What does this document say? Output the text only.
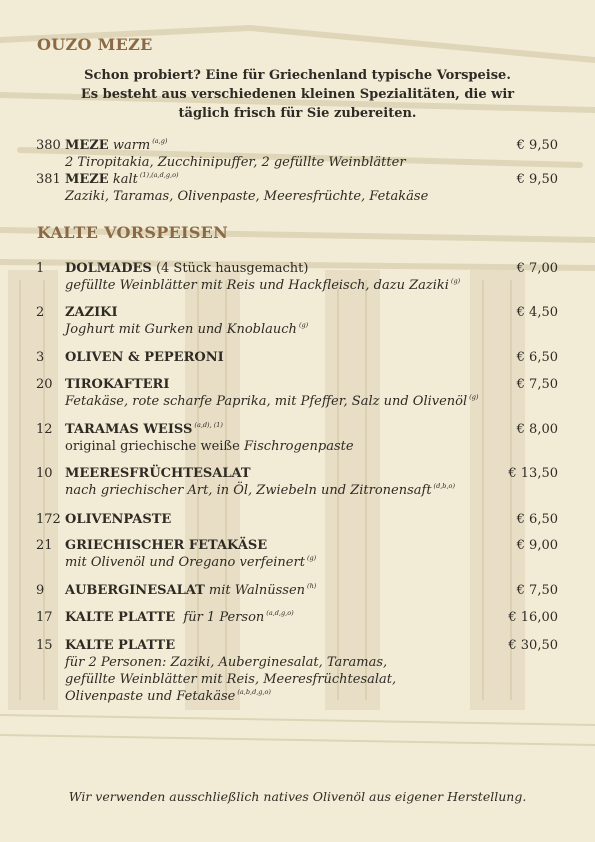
OUZO MEZE
Schon probiert? Eine für Griechenland typische Vorspeise.
Es besteht aus verschiedenen kleinen Spezialitäten, die wir
täglich frisch für Sie zubereiten.
380 MEZE warm $^{(a,g)}$	€ 9,50
2 Tiropitakia, Zucchinipuffer, 2 gefüllte Weinblätter
381 MEZE kalt $^{(1),(a,d,g,o)}$	€ 9,50
Zaziki, Taramas, Olivenpaste, Meeresfrüchte, Fetakäse
KALTE VORSPEISEN
1 DOLMADES (4 Stück hausgemacht)	€ 7,00
gefüllte Weinblätter mit Reis und Hackfleisch, dazu Zaziki $^{(g)}$
2 ZAZIKI	€ 4,50
Joghurt mit Gurken und Knoblauch $^{(g)}$
3 OLIVEN & PEPERONI	€ 6,50
20 TIROKAFTERI	€ 7,50
Fetakäse, rote scharfe Paprika, mit Pfeffer, Salz und Olivenöl $^{(g)}$
12 TARAMAS WEISS $^{(a,d), (1)}$	€ 8,00
original griechische weiße Fischrogenpaste
10 MEERESFRÜCHTESALAT	€ 13,50
nach griechischer Art, in Öl, Zwiebeln und Zitronensaft $^{(d,b,o)}$
172 OLIVENPASTE	€ 6,50
21 GRIECHISCHER FETAKÄSE	€ 9,00
mit Olivenöl und Oregano verfeinert $^{(g)}$
9 AUBERGINESALAT mit Walnüssen $^{(h)}$	€ 7,50
17 KALTE PLATTE für 1 Person $^{(a,d,g,o)}$	€ 16,00
15 KALTE PLATTE	€ 30,50
für 2 Personen: Zaziki, Auberginesalat, Taramas,
gefüllte Weinblätter mit Reis, Meeresfrüchtesalat,
Olivenpaste und Fetakäse $^{(a,b,d,g,o)}$
Wir verwenden ausschließlich natives Olivenöl aus eigener Herstellung.
